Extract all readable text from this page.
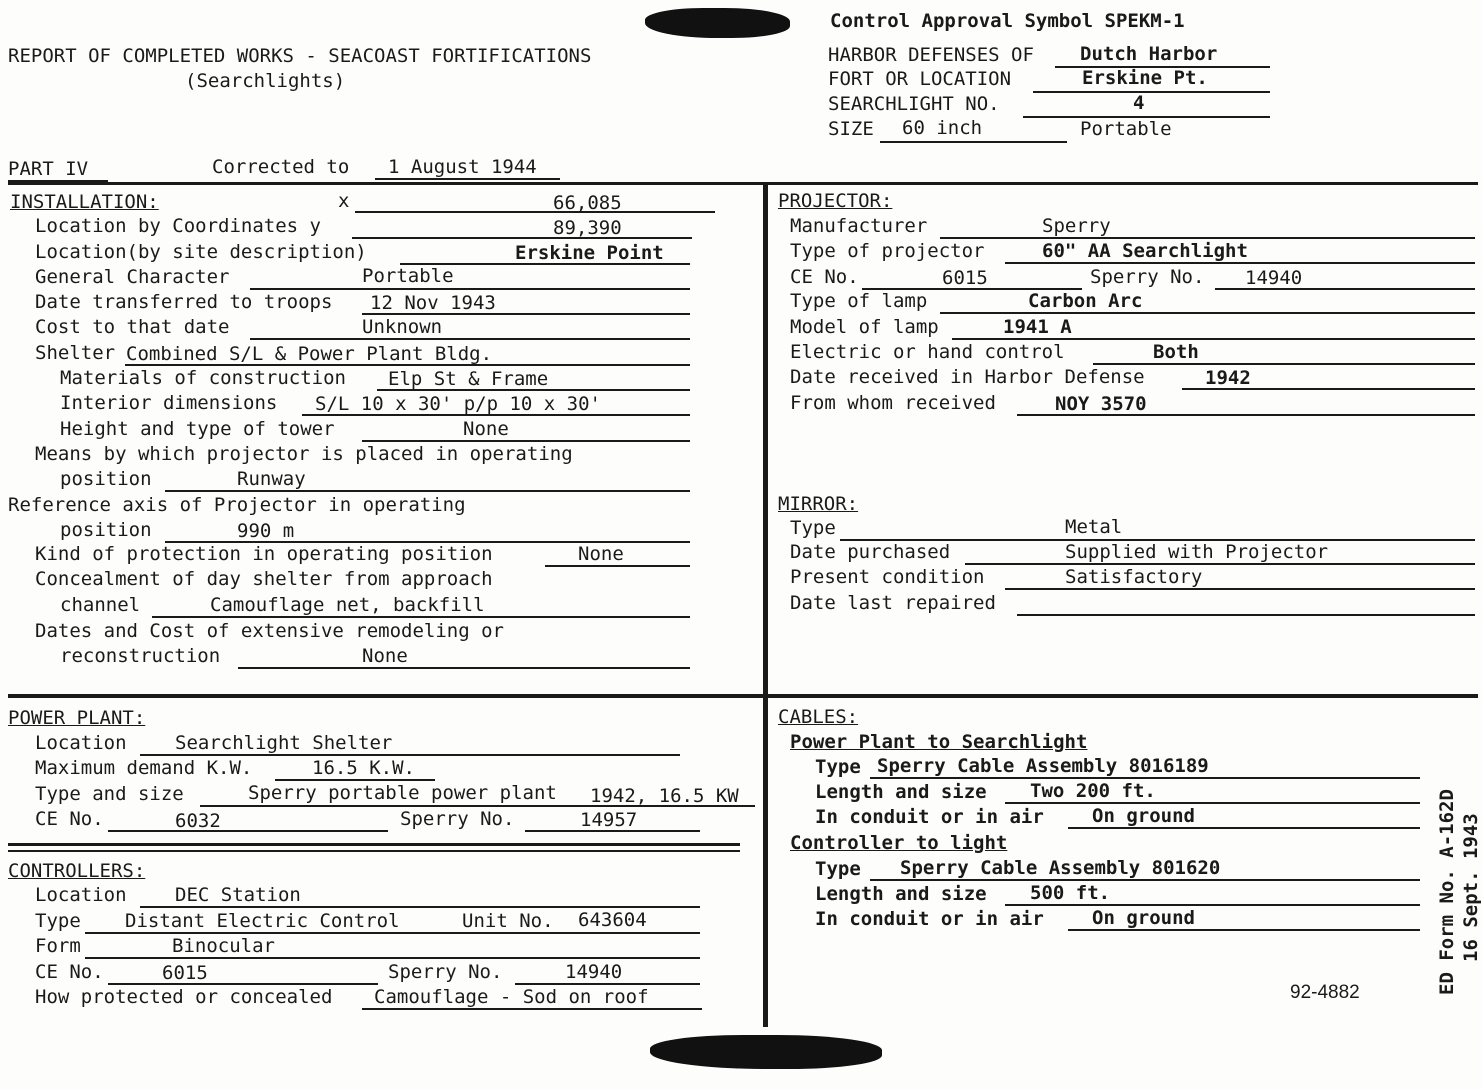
REPORT OF COMPLETED WORKS - SEACOAST FORTIFICATIONS
(Searchlights)
Control Approval Symbol SPEKM-1
HARBOR DEFENSES OF Dutch Harbor
FORT OR LOCATION	Erskine Pt.
SEARCHLIGHT NO.	4
SIZE 60 inch	Portable
PART IV	Corrected to 1 August 1944
INSTALLATION:	x	66,085
Location by Coordinates y	89,390
Location(by site description)	Erskine Point
General Character	Portable
Date transferred to troops 12 Nov 1943
Cost to that date	Unknown
Shelter Combined S/L & Power Plant Bldg.
Materials of construction Elp St & Frame
Interior dimensions S/L 10 x 30' p/p 10 x 30'
Height and type of tower	None
Means by which projector is placed in operating
position	Runway
Reference axis of Projector in operating
position	990 m
Kind of protection in operating position	None
Concealment of day shelter from approach
channel	Camouflage net, backfill
Dates and Cost of extensive remodeling or
reconstruction	None
PROJECTOR:
Manufacturer	Sperry
Type of projector	60" AA Searchlight
CE No.	6015	Sperry No. 14940
Type of lamp	Carbon Arc
Model of lamp	1941 A
Electric or hand control	Both
Date received in Harbor Defense	1942
From whom received	NOY 3570
MIRROR:
Type	Metal
Date purchased	Supplied with Projector
Present condition	Satisfactory
Date last repaired
POWER PLANT:
Location	Searchlight Shelter
Maximum demand K.W.	16.5 K.W.
Type and size	Sperry portable power plant 1942, 16.5 KW
CE No.	6032	Sperry No.	14957
CONTROLLERS:
Location	DEC Station
Type Distant Electric Control	Unit No. 643604
Form	Binocular
CE No.	6015	Sperry No.	14940
How protected or concealed Camouflage - Sod on roof
CABLES:
Power Plant to Searchlight
Type Sperry Cable Assembly 8016189
Length and size Two 200 ft.
In conduit or in air	On ground
Controller to light
Type Sperry Cable Assembly 801620
Length and size 500 ft.
In conduit or in air	On ground
92-4882	ED Form No. A-162D 16 Sept. 1943
